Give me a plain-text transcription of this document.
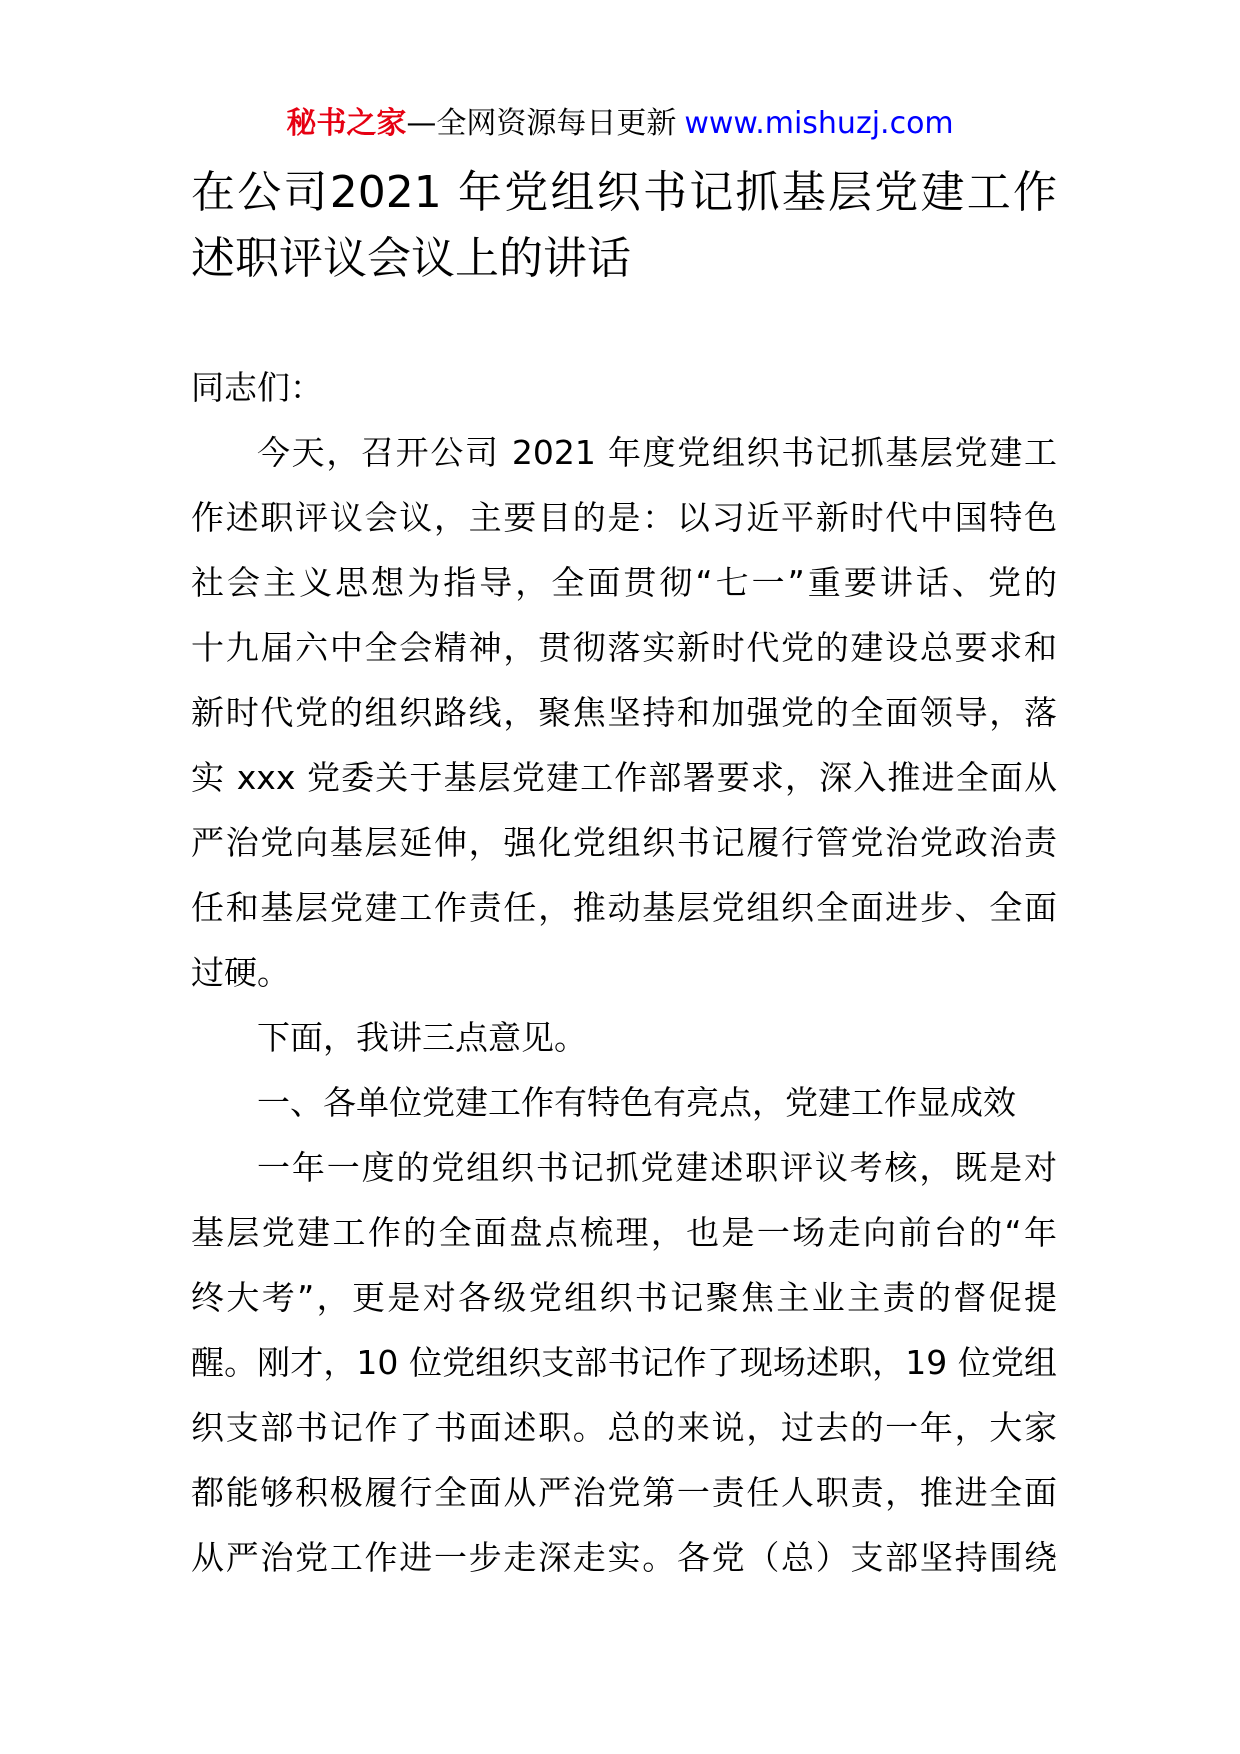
秘书之家—全网资源每日更新 www.mishuzj.com
在公司2021 年党组织书记抓基层党建工作
述职评议会议上的讲话
同志们：
今天，召开公司 2021 年度党组织书记抓基层党建工
作述职评议会议，主要目的是：以习近平新时代中国特色
社会主义思想为指导，全面贯彻“七一”重要讲话、党的
十九届六中全会精神，贯彻落实新时代党的建设总要求和
新时代党的组织路线，聚焦坚持和加强党的全面领导，落
实 xxx 党委关于基层党建工作部署要求，深入推进全面从
严治党向基层延伸，强化党组织书记履行管党治党政治责
任和基层党建工作责任，推动基层党组织全面进步、全面
过硬。
下面，我讲三点意见。
一、各单位党建工作有特色有亮点，党建工作显成效
一年一度的党组织书记抓党建述职评议考核，既是对
基层党建工作的全面盘点梳理，也是一场走向前台的“年
终大考”，更是对各级党组织书记聚焦主业主责的督促提
醒。刚才，10 位党组织支部书记作了现场述职，19 位党组
织支部书记作了书面述职。总的来说，过去的一年，大家
都能够积极履行全面从严治党第一责任人职责，推进全面
从严治党工作进一步走深走实。各党（总）支部坚持围绕
